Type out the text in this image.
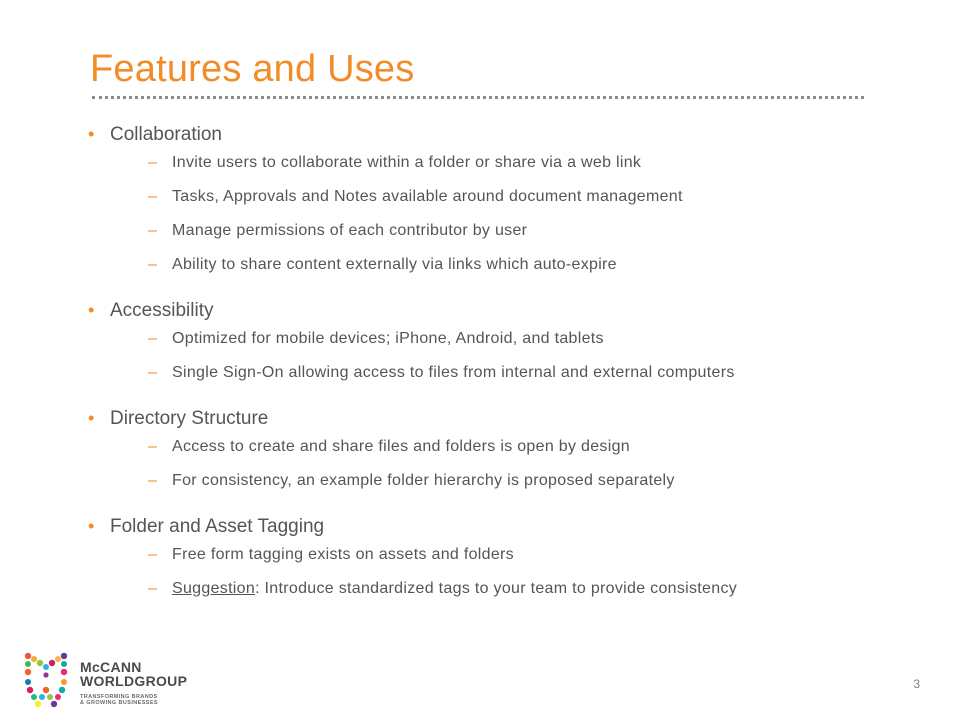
Features and Uses
• Collaboration
– Invite users to collaborate within a folder or share via a web link
– Tasks, Approvals and Notes available around document management
– Manage permissions of each contributor by user
– Ability to share content externally via links which auto-expire
• Accessibility
– Optimized for mobile devices; iPhone, Android, and tablets
– Single Sign-On allowing access to files from internal and external computers
• Directory Structure
– Access to create and share files and folders is open by design
– For consistency, an example folder hierarchy is proposed separately
• Folder and Asset Tagging
– Free form tagging exists on assets and folders
– Suggestion: Introduce standardized tags to your team to provide consistency
McCANN
WORLDGROUP
TRANSFORMING BRANDS
& GROWING BUSINESSES
3
